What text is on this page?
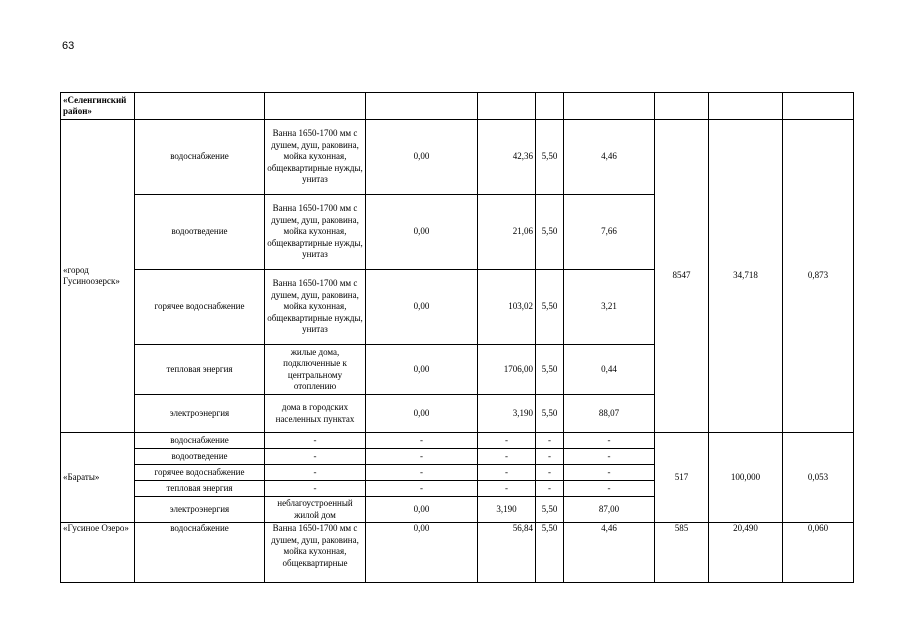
63
«Селенгинский район»									
«город Гусиноозерск»	водоснабжение	Ванна 1650-1700 мм с душем, душ, раковина, мойка кухонная, общеквартирные нужды, унитаз	0,00	42,36	5,50	4,46	8547	34,718	0,873
	водоотведение	Ванна 1650-1700 мм с душем, душ, раковина, мойка кухонная, общеквартирные нужды, унитаз	0,00	21,06	5,50	7,66			
	горячее водоснабжение	Ванна 1650-1700 мм с душем, душ, раковина, мойка кухонная, общеквартирные нужды, унитаз	0,00	103,02	5,50	3,21			
	тепловая энергия	жилые дома, подключенные к центральному отоплению	0,00	1706,00	5,50	0,44			
	электроэнергия	дома в городских населенных пунктах	0,00	3,190	5,50	88,07			
«Бараты»	водоснабжение	-	-	-	-	-	517	100,000	0,053
	водоотведение	-	-	-	-	-			
	горячее водоснабжение	-	-	-	-	-			
	тепловая энергия	-	-	-	-	-			
	электроэнергия	неблагоустроенный жилой дом	0,00	3,190	5,50	87,00			
«Гусиное Озеро»	водоснабжение	Ванна 1650-1700 мм с душем, душ, раковина, мойка кухонная, общеквартирные	0,00	56,84	5,50	4,46	585	20,490	0,060
